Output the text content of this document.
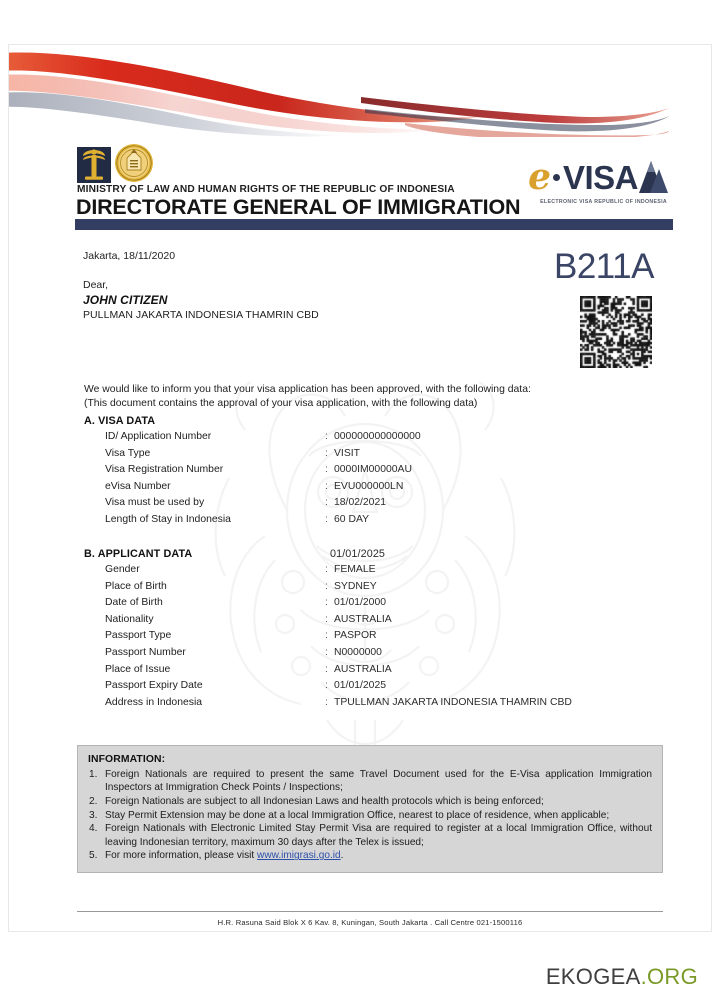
MINISTRY OF LAW AND HUMAN RIGHTS OF THE REPUBLIC OF INDONESIA
DIRECTORATE GENERAL OF IMMIGRATION
e VISA
ELECTRONIC VISA REPUBLIC OF INDONESIA
Jakarta, 18/11/2020
Dear,
JOHN CITIZEN
PULLMAN JAKARTA INDONESIA THAMRIN CBD
B211A
We would like to inform you that your visa application has been approved, with the following data:
(This document contains the approval of your visa application, with the following data)
A. VISA DATA
ID/ Application Number	: 000000000000000
Visa Type	: VISIT
Visa Registration Number	: 0000IM00000AU
eVisa Number	: EVU000000LN
Visa must be used by	: 18/02/2021
Length of Stay in Indonesia	: 60 DAY
B. APPLICANT DATA	01/01/2025
Gender	: FEMALE
Place of Birth	: SYDNEY
Date of Birth	: 01/01/2000
Nationality	: AUSTRALIA
Passport Type	: PASPOR
Passport Number	: N0000000
Place of Issue	: AUSTRALIA
Passport Expiry Date	: 01/01/2025
Address in Indonesia	: TPULLMAN JAKARTA INDONESIA THAMRIN CBD
INFORMATION:
1. Foreign Nationals are required to present the same Travel Document used for the E-Visa application Immigration Inspectors at Immigration Check Points / Inspections;
2. Foreign Nationals are subject to all Indonesian Laws and health protocols which is being enforced;
3. Stay Permit Extension may be done at a local Immigration Office, nearest to place of residence, when applicable;
4. Foreign Nationals with Electronic Limited Stay Permit Visa are required to register at a local Immigration Office, without leaving Indonesian territory, maximum 30 days after the Telex is issued;
5. For more information, please visit www.imigrasi.go.id.
H.R. Rasuna Said Blok X 6 Kav. 8, Kuningan, South Jakarta . Call Centre 021-1500116
EKOGEA.ORG
